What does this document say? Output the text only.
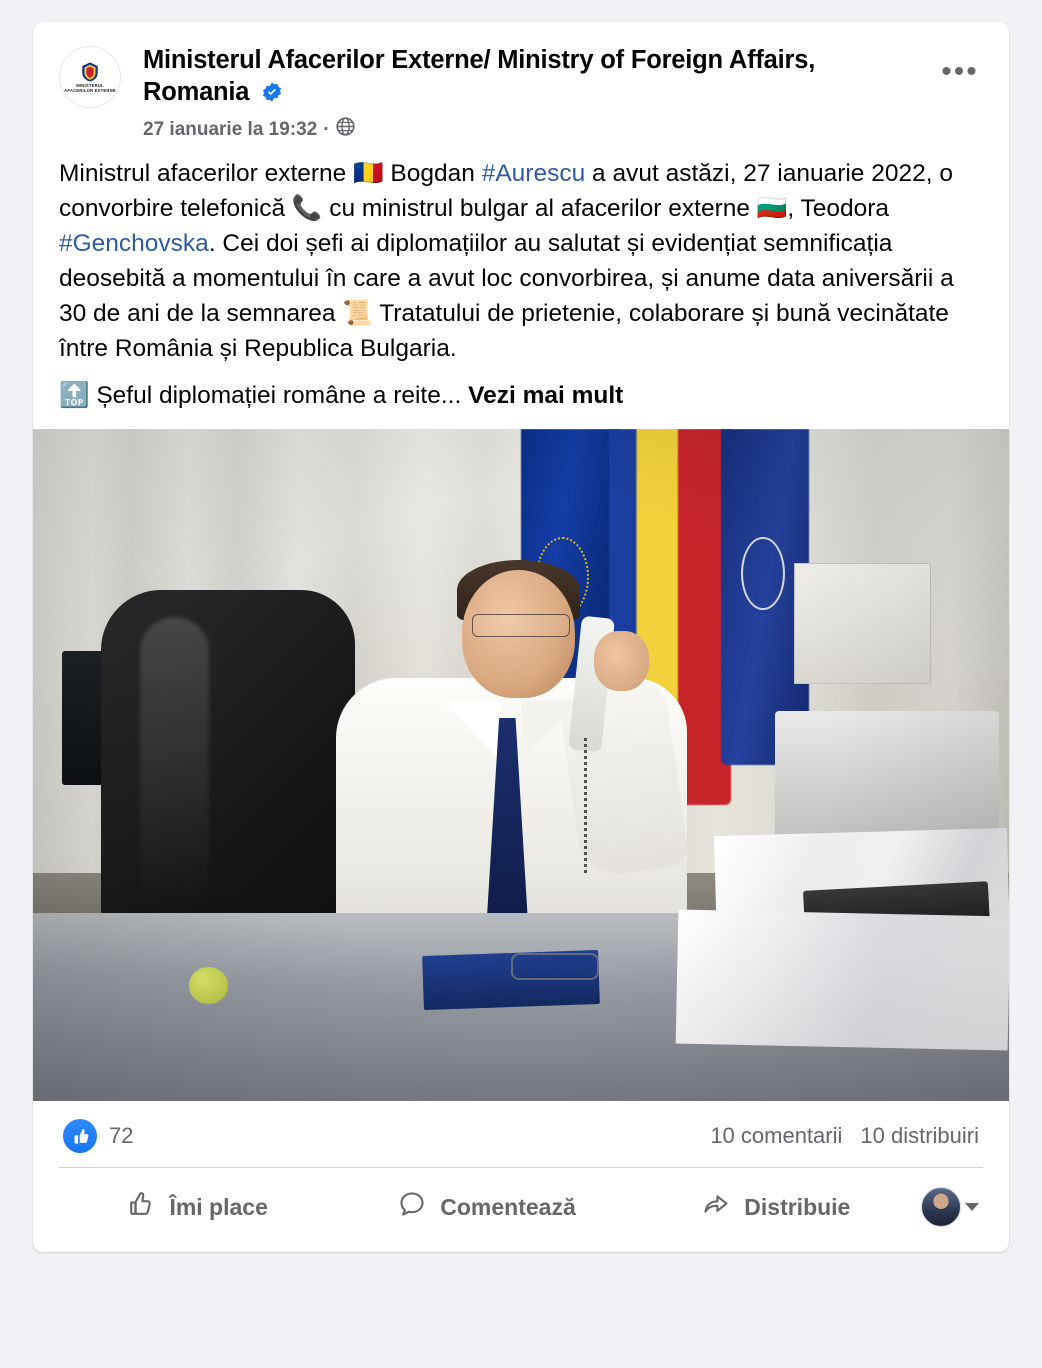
MINISTERUL
AFACERILOR EXTERNE
Ministerul Afacerilor Externe/ Ministry of Foreign Affairs, Romania
27 ianuarie la 19:32 ·
•••

Ministrul afacerilor externe 🇷🇴 Bogdan #Aurescu a avut astăzi, 27 ianuarie 2022, o convorbire telefonică 📞 cu ministrul bulgar al afacerilor externe 🇧🇬, Teodora #Genchovska. Cei doi șefi ai diplomațiilor au salutat și evidențiat semnificația deosebită a momentului în care a avut loc convorbirea, și anume data aniversării a 30 de ani de la semnarea 📜 Tratatului de prietenie, colaborare și bună vecinătate între România și Republica Bulgaria.

🔝 Șeful diplomației române a reite... Vezi mai mult

72	10 comentarii 10 distribuiri
Îmi place	Comentează	Distribuie
